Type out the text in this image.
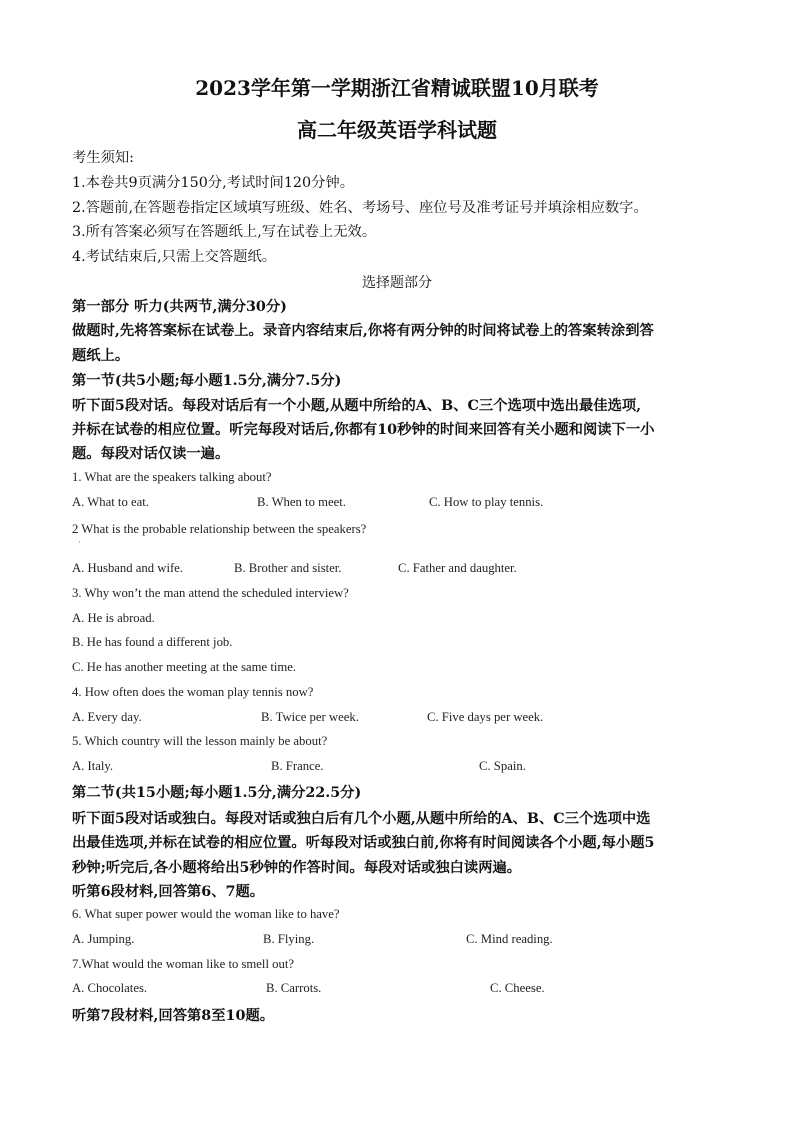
2023学年第一学期浙江省精诚联盟10月联考
高二年级英语学科试题
考生须知:
1.本卷共9页满分150分,考试时间120分钟。
2.答题前,在答题卷指定区域填写班级、姓名、考场号、座位号及准考证号并填涂相应数字。
3.所有答案必须写在答题纸上,写在试卷上无效。
4.考试结束后,只需上交答题纸。
选择题部分
第一部分 听力(共两节,满分30分)
做题时,先将答案标在试卷上。录音内容结束后,你将有两分钟的时间将试卷上的答案转涂到答
题纸上。
第一节(共5小题;每小题1.5分,满分7.5分)
听下面5段对话。每段对话后有一个小题,从题中所给的A、B、C三个选项中选出最佳选项,
并标在试卷的相应位置。听完每段对话后,你都有10秒钟的时间来回答有关小题和阅读下一小
题。每段对话仅读一遍。
1. What are the speakers talking about?
A. What to eat.	B. When to meet.	C. How to play tennis.
2 What is the probable relationship between the speakers?
·
A. Husband and wife.	B. Brother and sister.	C. Father and daughter.
3. Why won’t the man attend the scheduled interview?
A. He is abroad.
B. He has found a different job.
C. He has another meeting at the same time.
4. How often does the woman play tennis now?
A. Every day.	B. Twice per week.	C. Five days per week.
5. Which country will the lesson mainly be about?
A. Italy.	B. France.	C. Spain.
第二节(共15小题;每小题1.5分,满分22.5分)
听下面5段对话或独白。每段对话或独白后有几个小题,从题中所给的A、B、C三个选项中选
出最佳选项,并标在试卷的相应位置。听每段对话或独白前,你将有时间阅读各个小题,每小题5
秒钟;听完后,各小题将给出5秒钟的作答时间。每段对话或独白读两遍。
听第6段材料,回答第6、7题。
6. What super power would the woman like to have?
A. Jumping.	B. Flying.	C. Mind reading.
7.What would the woman like to smell out?
A. Chocolates.	B. Carrots.	C. Cheese.
听第7段材料,回答第8至10题。
